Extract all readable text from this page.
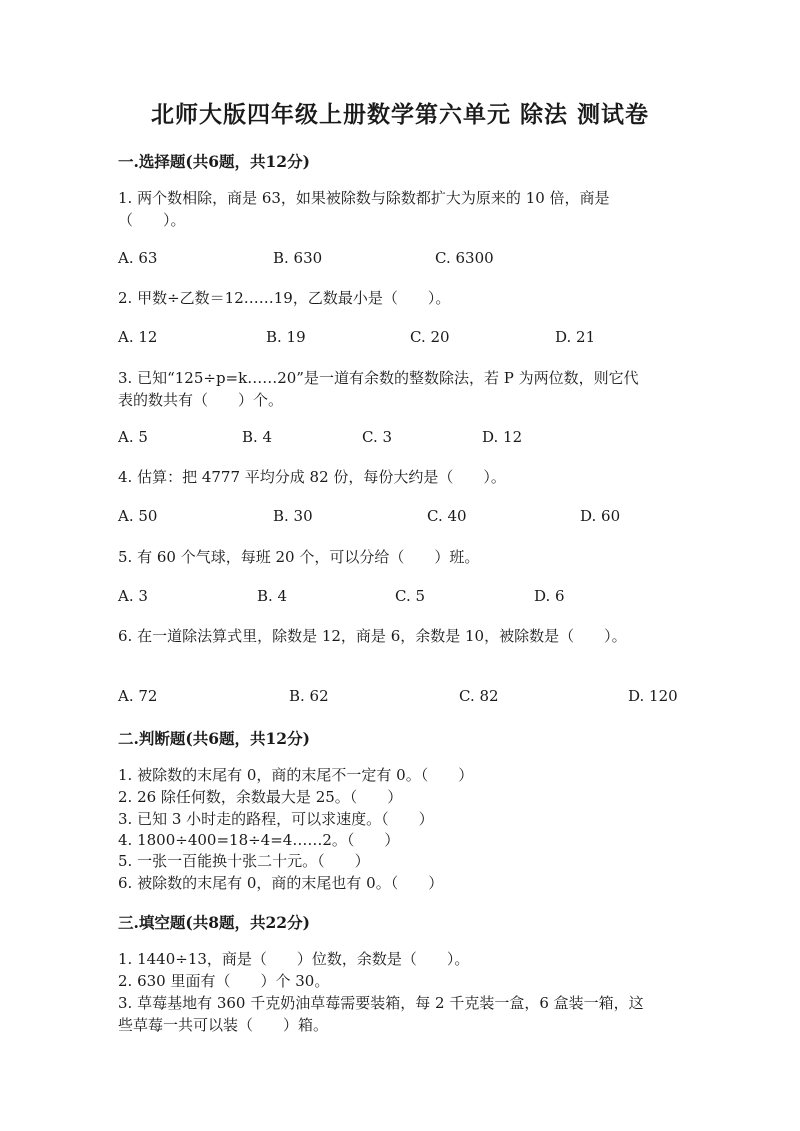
北师大版四年级上册数学第六单元 除法 测试卷
一.选择题(共6题，共12分)
1. 两个数相除，商是 63，如果被除数与除数都扩大为原来的 10 倍，商是
（　　）。
A. 63	B. 630	C. 6300
2. 甲数÷乙数＝12……19，乙数最小是（　　）。
A. 12	B. 19	C. 20	D. 21
3. 已知“125÷p=k……20”是一道有余数的整数除法，若 P 为两位数，则它代
表的数共有（　　）个。
A. 5	B. 4	C. 3	D. 12
4. 估算：把 4777 平均分成 82 份，每份大约是（　　）。
A. 50	B. 30	C. 40	D. 60
5. 有 60 个气球，每班 20 个，可以分给（　　）班。
A. 3	B. 4	C. 5	D. 6
6. 在一道除法算式里，除数是 12，商是 6，余数是 10，被除数是（　　）。
A. 72	B. 62	C. 82	D. 120
二.判断题(共6题，共12分)
1. 被除数的末尾有 0，商的末尾不一定有 0。（　　）
2. 26 除任何数，余数最大是 25。（　　）
3. 已知 3 小时走的路程，可以求速度。（　　）
4. 1800÷400=18÷4=4……2。（　　）
5. 一张一百能换十张二十元。（　　）
6. 被除数的末尾有 0，商的末尾也有 0。（　　）
三.填空题(共8题，共22分)
1. 1440÷13，商是（　　）位数，余数是（　　）。
2. 630 里面有（　　）个 30。
3. 草莓基地有 360 千克奶油草莓需要装箱，每 2 千克装一盒，6 盒装一箱，这
些草莓一共可以装（　　）箱。
